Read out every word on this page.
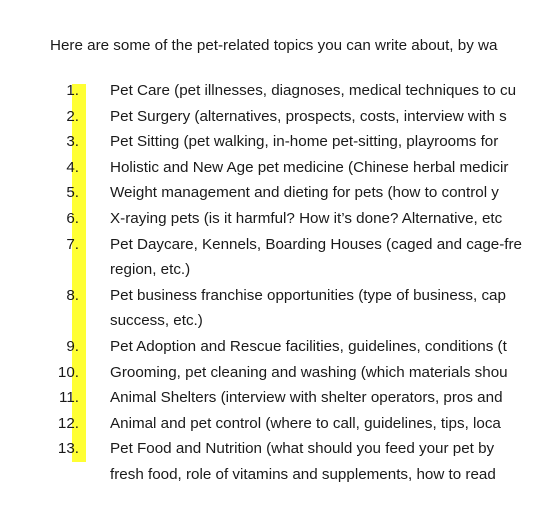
Here are some of the pet-related topics you can write about, by wa
1. Pet Care (pet illnesses, diagnoses, medical techniques to cu
2. Pet Surgery (alternatives, prospects, costs, interview with s
3. Pet Sitting (pet walking, in-home pet-sitting, playrooms for
4. Holistic and New Age pet medicine (Chinese herbal medicir
5. Weight management and dieting for pets (how to control y
6. X-raying pets (is it harmful? How it’s done? Alternative, etc
7. Pet Daycare, Kennels, Boarding Houses (caged and cage-fre
region, etc.)
8. Pet business franchise opportunities (type of business, cap
success, etc.)
9. Pet Adoption and Rescue facilities, guidelines, conditions (t
10. Grooming, pet cleaning and washing (which materials shou
11. Animal Shelters (interview with shelter operators, pros and
12. Animal and pet control (where to call, guidelines, tips, loca
13. Pet Food and Nutrition (what should you feed your pet by
fresh food, role of vitamins and supplements, how to read
